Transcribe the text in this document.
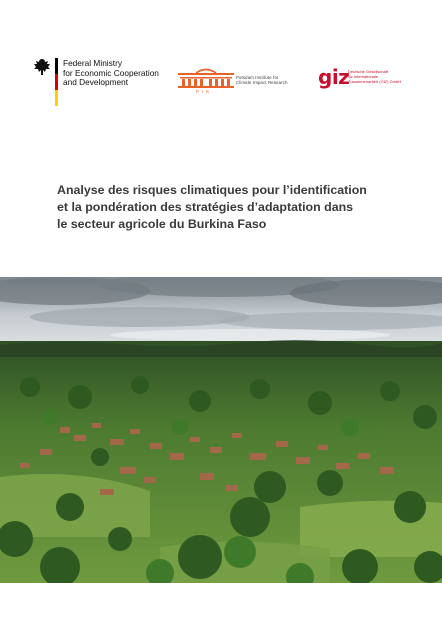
Federal Ministry
for Economic Cooperation
and Development
PIK
Potsdam Institute for
Climate Impact Research giz
Deutsche Gesellschaft
für Internationale
Zusammenarbeit (GIZ) GmbH
Analyse des risques climatiques pour l’identification
et la pondération des stratégies d’adaptation dans
le secteur agricole du Burkina Faso
